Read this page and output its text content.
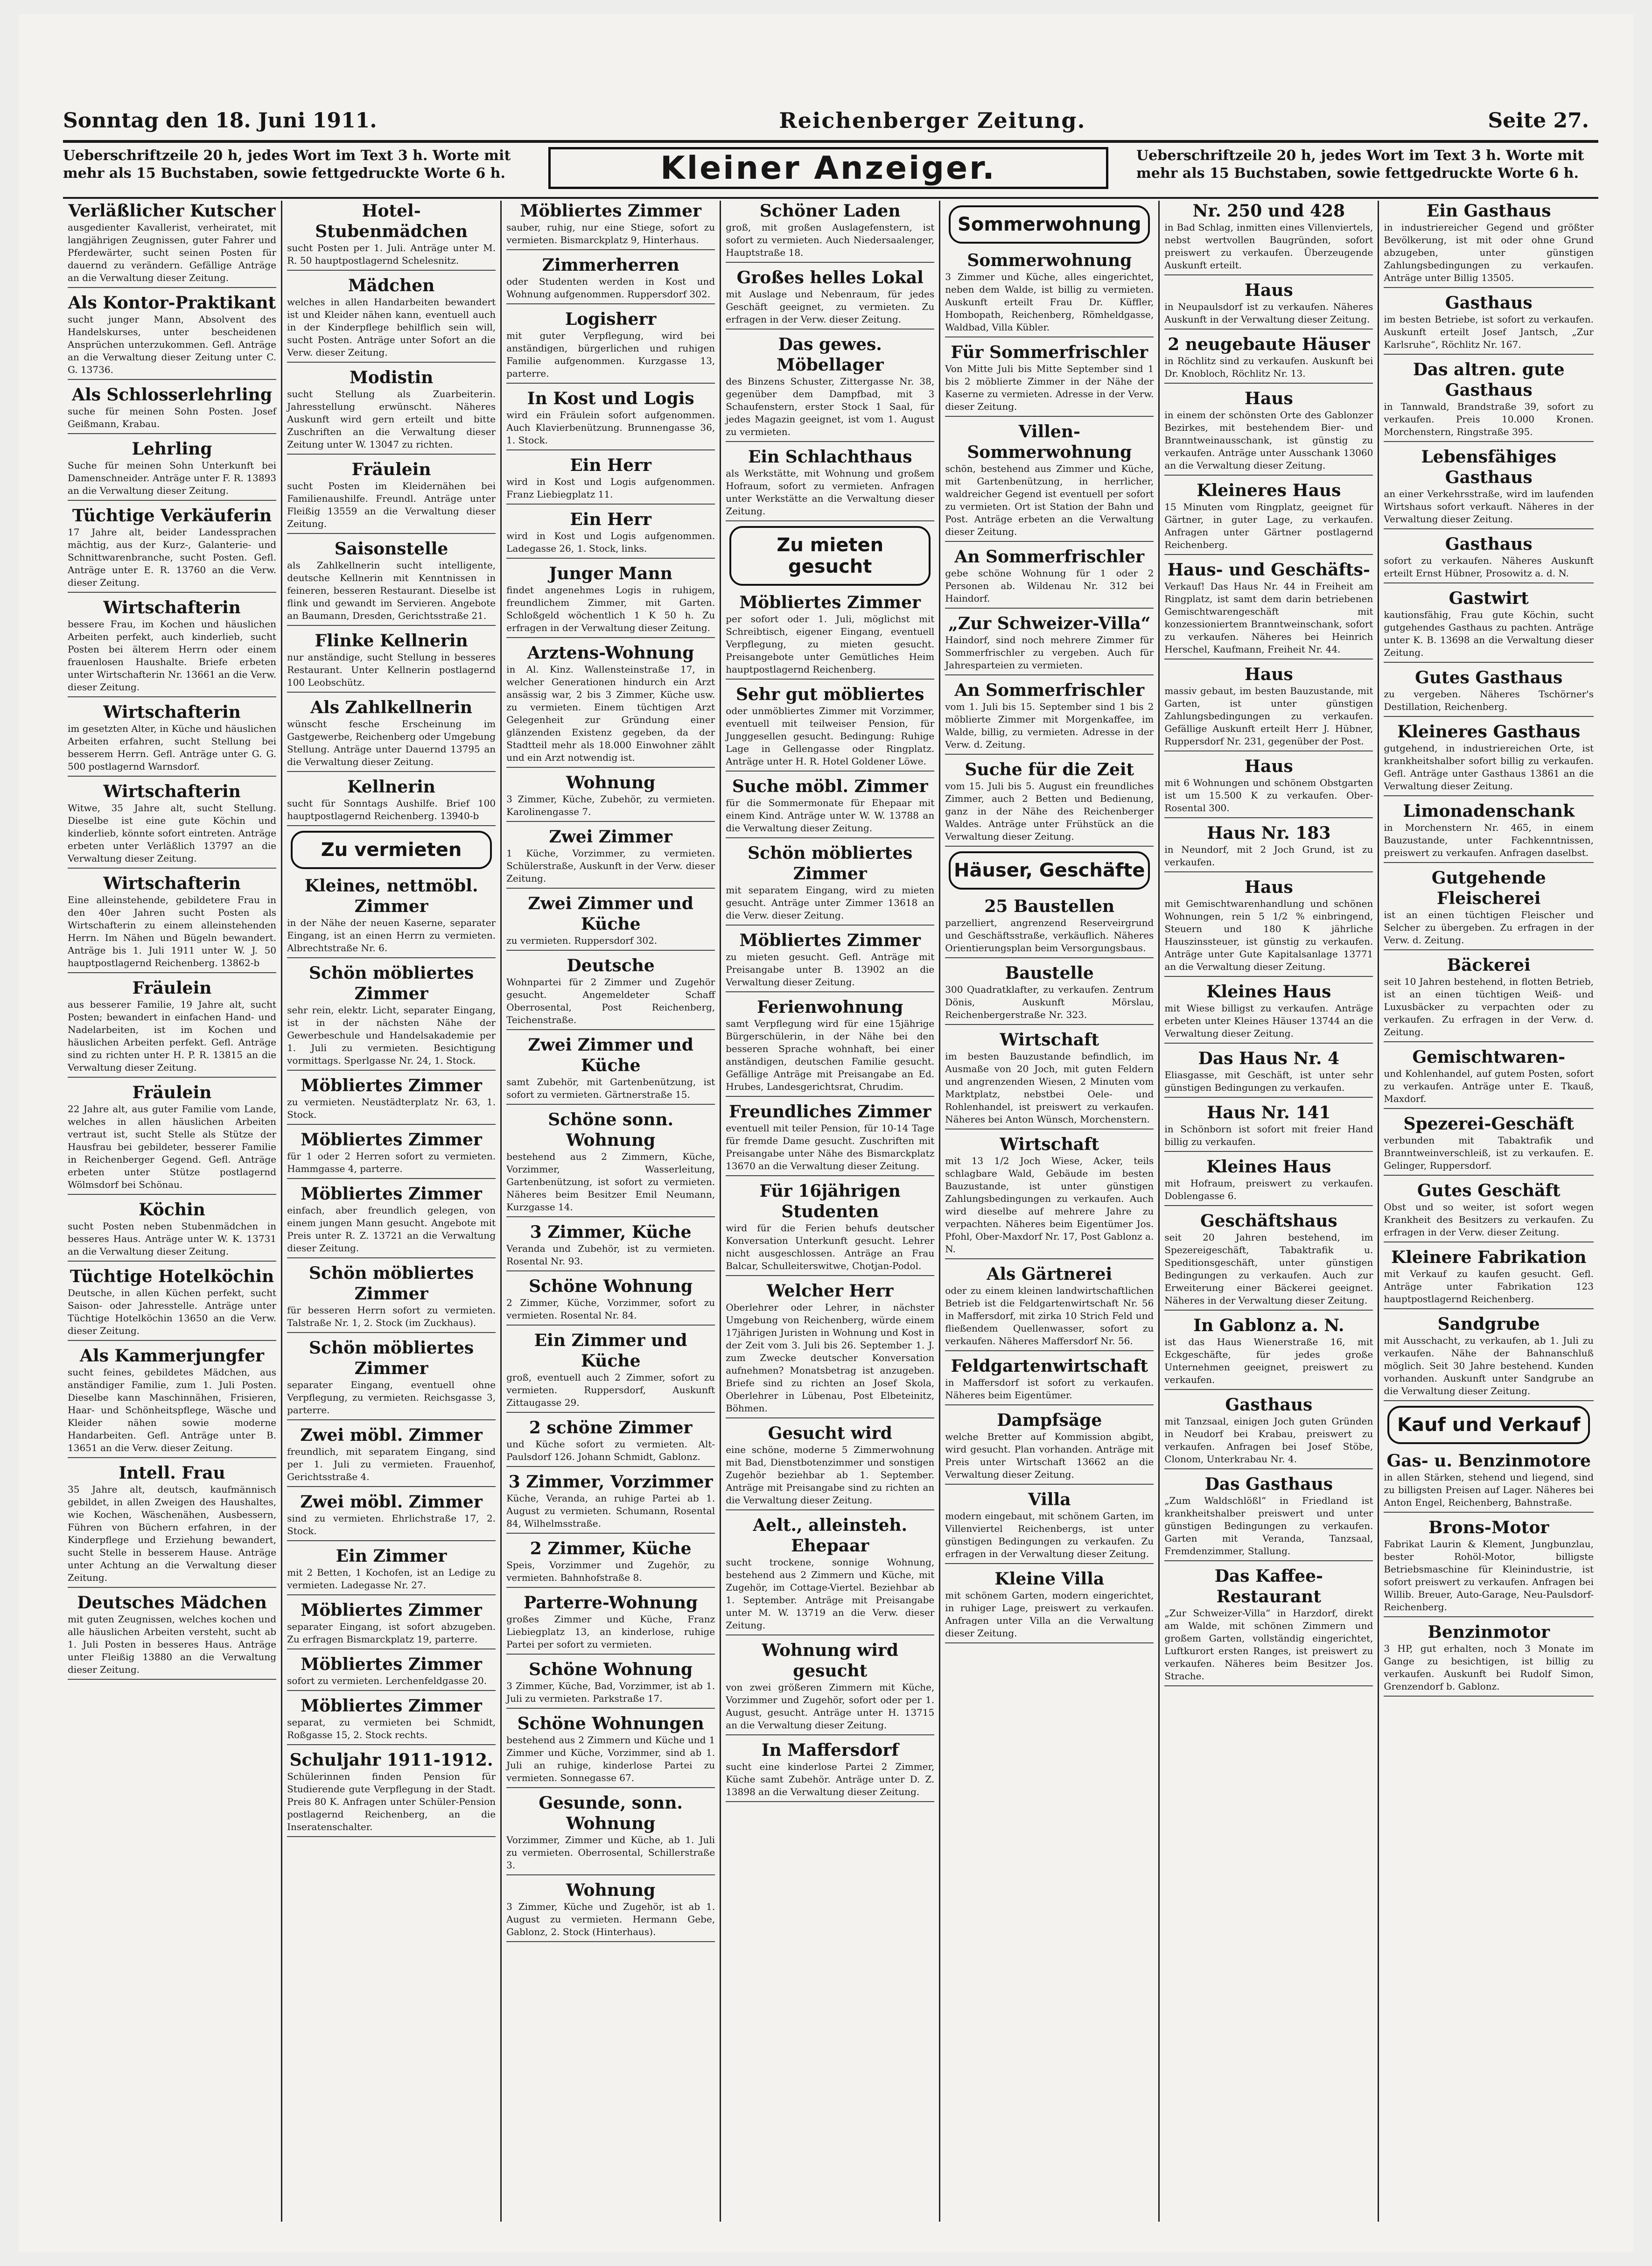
Sonntag den 18. Juni 1911.	Reichenberger Zeitung.	Seite 27.
Ueberschriftzeile 20 h, jedes Wort im Text 3 h. Worte mit mehr als 15 Buchstaben, sowie fettgedruckte Worte 6 h.	Kleiner Anzeiger.	Ueberschriftzeile 20 h, jedes Wort im Text 3 h. Worte mit mehr als 15 Buchstaben, sowie fettgedruckte Worte 6 h.
Verläßlicher Kutscher
ausgedienter Kavallerist, verheiratet, mit langjährigen Zeugnissen, guter Fahrer und Pferdewärter, sucht seinen Posten für dauernd zu verändern. Gefällige Anträge an die Verwaltung dieser Zeitung.
Als Kontor-Praktikant
sucht junger Mann, Absolvent des Handelskurses, unter bescheidenen Ansprüchen unterzukommen. Gefl. Anträge an die Verwaltung dieser Zeitung unter C. G. 13736.
Als Schlosserlehrling
suche für meinen Sohn Posten. Josef Geißmann, Krabau.
Lehrling
Suche für meinen Sohn Unterkunft bei Damenschneider. Anträge unter F. R. 13893 an die Verwaltung dieser Zeitung.
Tüchtige Verkäuferin
17 Jahre alt, beider Landessprachen mächtig, aus der Kurz-, Galanterie- und Schnittwarenbranche, sucht Posten. Gefl. Anträge unter E. R. 13760 an die Verw. dieser Zeitung.
Wirtschafterin
bessere Frau, im Kochen und häuslichen Arbeiten perfekt, auch kinderlieb, sucht Posten bei älterem Herrn oder einem frauenlosen Haushalte. Briefe erbeten unter Wirtschafterin Nr. 13661 an die Verw. dieser Zeitung.
Wirtschafterin
im gesetzten Alter, in Küche und häuslichen Arbeiten erfahren, sucht Stellung bei besserem Herrn. Gefl. Anträge unter G. G. 500 postlagernd Warnsdorf.
Wirtschafterin
Witwe, 35 Jahre alt, sucht Stellung. Dieselbe ist eine gute Köchin und kinderlieb, könnte sofort eintreten. Anträge erbeten unter Verläßlich 13797 an die Verwaltung dieser Zeitung.
Wirtschafterin
Eine alleinstehende, gebildetere Frau in den 40er Jahren sucht Posten als Wirtschafterin zu einem alleinstehenden Herrn. Im Nähen und Bügeln bewandert. Anträge bis 1. Juli 1911 unter W. J. 50 hauptpostlagernd Reichenberg. 13862-b
Fräulein
aus besserer Familie, 19 Jahre alt, sucht Posten; bewandert in einfachen Hand- und Nadelarbeiten, ist im Kochen und häuslichen Arbeiten perfekt. Gefl. Anträge sind zu richten unter H. P. R. 13815 an die Verwaltung dieser Zeitung.
Fräulein
22 Jahre alt, aus guter Familie vom Lande, welches in allen häuslichen Arbeiten vertraut ist, sucht Stelle als Stütze der Hausfrau bei gebildeter, besserer Familie in Reichenberger Gegend. Gefl. Anträge erbeten unter Stütze postlagernd Wölmsdorf bei Schönau.
Köchin
sucht Posten neben Stubenmädchen in besseres Haus. Anträge unter W. K. 13731 an die Verwaltung dieser Zeitung.
Tüchtige Hotelköchin
Deutsche, in allen Küchen perfekt, sucht Saison- oder Jahresstelle. Anträge unter Tüchtige Hotelköchin 13650 an die Verw. dieser Zeitung.
Als Kammerjungfer
sucht feines, gebildetes Mädchen, aus anständiger Familie, zum 1. Juli Posten. Dieselbe kann Maschinnähen, Frisieren, Haar- und Schönheitspflege, Wäsche und Kleider nähen sowie moderne Handarbeiten. Gefl. Anträge unter B. 13651 an die Verw. dieser Zeitung.
Intell. Frau
35 Jahre alt, deutsch, kaufmännisch gebildet, in allen Zweigen des Haushaltes, wie Kochen, Wäschenähen, Ausbessern, Führen von Büchern erfahren, in der Kinderpflege und Erziehung bewandert, sucht Stelle in besserem Hause. Anträge unter Achtung an die Verwaltung dieser Zeitung.
Deutsches Mädchen
mit guten Zeugnissen, welches kochen und alle häuslichen Arbeiten versteht, sucht ab 1. Juli Posten in besseres Haus. Anträge unter Fleißig 13880 an die Verwaltung dieser Zeitung.
Hotel-Stubenmädchen
sucht Posten per 1. Juli. Anträge unter M. R. 50 hauptpostlagernd Schelesnitz.
Mädchen
welches in allen Handarbeiten bewandert ist und Kleider nähen kann, eventuell auch in der Kinderpflege behilflich sein will, sucht Posten. Anträge unter Sofort an die Verw. dieser Zeitung.
Modistin
sucht Stellung als Zuarbeiterin. Jahresstellung erwünscht. Näheres Auskunft wird gern erteilt und bitte Zuschriften an die Verwaltung dieser Zeitung unter W. 13047 zu richten.
Fräulein
sucht Posten im Kleidernähen bei Familienaushilfe. Freundl. Anträge unter Fleißig 13559 an die Verwaltung dieser Zeitung.
Saisonstelle
als Zahlkellnerin sucht intelligente, deutsche Kellnerin mit Kenntnissen in feineren, besseren Restaurant. Dieselbe ist flink und gewandt im Servieren. Angebote an Baumann, Dresden, Gerichtsstraße 21.
Flinke Kellnerin
nur anständige, sucht Stellung in besseres Restaurant. Unter Kellnerin postlagernd 100 Leobschütz.
Als Zahlkellnerin
wünscht fesche Erscheinung im Gastgewerbe, Reichenberg oder Umgebung Stellung. Anträge unter Dauernd 13795 an die Verwaltung dieser Zeitung.
Kellnerin
sucht für Sonntags Aushilfe. Brief 100 hauptpostlagernd Reichenberg. 13940-b
Zu vermieten
Kleines, nettmöbl. Zimmer
in der Nähe der neuen Kaserne, separater Eingang, ist an einen Herrn zu vermieten. Albrechtstraße Nr. 6.
Schön möbliertes Zimmer
sehr rein, elektr. Licht, separater Eingang, ist in der nächsten Nähe der Gewerbeschule und Handelsakademie per 1. Juli zu vermieten. Besichtigung vormittags. Sperlgasse Nr. 24, 1. Stock.
Möbliertes Zimmer
zu vermieten. Neustädterplatz Nr. 63, 1. Stock.
Möbliertes Zimmer
für 1 oder 2 Herren sofort zu vermieten. Hammgasse 4, parterre.
Möbliertes Zimmer
einfach, aber freundlich gelegen, von einem jungen Mann gesucht. Angebote mit Preis unter R. Z. 13721 an die Verwaltung dieser Zeitung.
Schön möbliertes Zimmer
für besseren Herrn sofort zu vermieten. Talstraße Nr. 1, 2. Stock (im Zuckhaus).
Schön möbliertes Zimmer
separater Eingang, eventuell ohne Verpflegung, zu vermieten. Reichsgasse 3, parterre.
Zwei möbl. Zimmer
freundlich, mit separatem Eingang, sind per 1. Juli zu vermieten. Frauenhof, Gerichtsstraße 4.
Zwei möbl. Zimmer
sind zu vermieten. Ehrlichstraße 17, 2. Stock.
Ein Zimmer
mit 2 Betten, 1 Kochofen, ist an Ledige zu vermieten. Ladegasse Nr. 27.
Möbliertes Zimmer
separater Eingang, ist sofort abzugeben. Zu erfragen Bismarckplatz 19, parterre.
Möbliertes Zimmer
sofort zu vermieten. Lerchenfeldgasse 20.
Möbliertes Zimmer
separat, zu vermieten bei Schmidt, Roßgasse 15, 2. Stock rechts.
Schuljahr 1911-1912.
Schülerinnen finden Pension für Studierende gute Verpflegung in der Stadt. Preis 80 K. Anfragen unter Schüler-Pension postlagernd Reichenberg, an die Inseratenschalter.
Möbliertes Zimmer
sauber, ruhig, nur eine Stiege, sofort zu vermieten. Bismarckplatz 9, Hinterhaus.
Zimmerherren
oder Studenten werden in Kost und Wohnung aufgenommen. Ruppersdorf 302.
Logisherr
mit guter Verpflegung, wird bei anständigen, bürgerlichen und ruhigen Familie aufgenommen. Kurzgasse 13, parterre.
In Kost und Logis
wird ein Fräulein sofort aufgenommen. Auch Klavierbenützung. Brunnengasse 36, 1. Stock.
Ein Herr
wird in Kost und Logis aufgenommen. Franz Liebiegplatz 11.
Ein Herr
wird in Kost und Logis aufgenommen. Ladegasse 26, 1. Stock, links.
Junger Mann
findet angenehmes Logis in ruhigem, freundlichem Zimmer, mit Garten. Schloßgeld wöchentlich 1 K 50 h. Zu erfragen in der Verwaltung dieser Zeitung.
Arztens-Wohnung
in Al. Kinz. Wallensteinstraße 17, in welcher Generationen hindurch ein Arzt ansässig war, 2 bis 3 Zimmer, Küche usw. zu vermieten. Einem tüchtigen Arzt Gelegenheit zur Gründung einer glänzenden Existenz gegeben, da der Stadtteil mehr als 18.000 Einwohner zählt und ein Arzt notwendig ist.
Wohnung
3 Zimmer, Küche, Zubehör, zu vermieten. Karolinengasse 7.
Zwei Zimmer
1 Küche, Vorzimmer, zu vermieten. Schülerstraße, Auskunft in der Verw. dieser Zeitung.
Zwei Zimmer und Küche
zu vermieten. Ruppersdorf 302.
Deutsche
Wohnpartei für 2 Zimmer und Zugehör gesucht. Angemeldeter Schaff Oberrosental, Post Reichenberg, Teichenstraße.
Zwei Zimmer und Küche
samt Zubehör, mit Gartenbenützung, ist sofort zu vermieten. Gärtnerstraße 15.
Schöne sonn. Wohnung
bestehend aus 2 Zimmern, Küche, Vorzimmer, Wasserleitung, Gartenbenützung, ist sofort zu vermieten. Näheres beim Besitzer Emil Neumann, Kurzgasse 14.
3 Zimmer, Küche
Veranda und Zubehör, ist zu vermieten. Rosental Nr. 93.
Schöne Wohnung
2 Zimmer, Küche, Vorzimmer, sofort zu vermieten. Rosental Nr. 84.
Ein Zimmer und Küche
groß, eventuell auch 2 Zimmer, sofort zu vermieten. Ruppersdorf, Auskunft Zittaugasse 29.
2 schöne Zimmer
und Küche sofort zu vermieten. Alt-Paulsdorf 126. Johann Schmidt, Gablonz.
3 Zimmer, Vorzimmer
Küche, Veranda, an ruhige Partei ab 1. August zu vermieten. Schumann, Rosental 84, Wilhelmsstraße.
2 Zimmer, Küche
Speis, Vorzimmer und Zugehör, zu vermieten. Bahnhofstraße 8.
Parterre-Wohnung
großes Zimmer und Küche, Franz Liebiegplatz 13, an kinderlose, ruhige Partei per sofort zu vermieten.
Schöne Wohnung
3 Zimmer, Küche, Bad, Vorzimmer, ist ab 1. Juli zu vermieten. Parkstraße 17.
Schöne Wohnungen
bestehend aus 2 Zimmern und Küche und 1 Zimmer und Küche, Vorzimmer, sind ab 1. Juli an ruhige, kinderlose Partei zu vermieten. Sonnegasse 67.
Gesunde, sonn. Wohnung
Vorzimmer, Zimmer und Küche, ab 1. Juli zu vermieten. Oberrosental, Schillerstraße 3.
Wohnung
3 Zimmer, Küche und Zugehör, ist ab 1. August zu vermieten. Hermann Gebe, Gablonz, 2. Stock (Hinterhaus).
Schöner Laden
groß, mit großen Auslagefenstern, ist sofort zu vermieten. Auch Niedersaalenger, Hauptstraße 18.
Großes helles Lokal
mit Auslage und Nebenraum, für jedes Geschäft geeignet, zu vermieten. Zu erfragen in der Verw. dieser Zeitung.
Das gewes. Möbellager
des Binzens Schuster, Zittergasse Nr. 38, gegenüber dem Dampfbad, mit 3 Schaufenstern, erster Stock 1 Saal, für jedes Magazin geeignet, ist vom 1. August zu vermieten.
Ein Schlachthaus
als Werkstätte, mit Wohnung und großem Hofraum, sofort zu vermieten. Anfragen unter Werkstätte an die Verwaltung dieser Zeitung.
Zu mieten gesucht
Möbliertes Zimmer
per sofort oder 1. Juli, möglichst mit Schreibtisch, eigener Eingang, eventuell Verpflegung, zu mieten gesucht. Preisangebote unter Gemütliches Heim hauptpostlagernd Reichenberg.
Sehr gut möbliertes
oder unmöbliertes Zimmer mit Vorzimmer, eventuell mit teilweiser Pension, für Junggesellen gesucht. Bedingung: Ruhige Lage in Gellengasse oder Ringplatz. Anträge unter H. R. Hotel Goldener Löwe.
Suche möbl. Zimmer
für die Sommermonate für Ehepaar mit einem Kind. Anträge unter W. W. 13788 an die Verwaltung dieser Zeitung.
Schön möbliertes Zimmer
mit separatem Eingang, wird zu mieten gesucht. Anträge unter Zimmer 13618 an die Verw. dieser Zeitung.
Möbliertes Zimmer
zu mieten gesucht. Gefl. Anträge mit Preisangabe unter B. 13902 an die Verwaltung dieser Zeitung.
Ferienwohnung
samt Verpflegung wird für eine 15jährige Bürgerschülerin, in der Nähe bei den besseren Sprache wohnhaft, bei einer anständigen, deutschen Familie gesucht. Gefällige Anträge mit Preisangabe an Ed. Hrubes, Landesgerichtsrat, Chrudim.
Freundliches Zimmer
eventuell mit teiler Pension, für 10-14 Tage für fremde Dame gesucht. Zuschriften mit Preisangabe unter Nähe des Bismarckplatz 13670 an die Verwaltung dieser Zeitung.
Für 16jährigen Studenten
wird für die Ferien behufs deutscher Konversation Unterkunft gesucht. Lehrer nicht ausgeschlossen. Anträge an Frau Balcar, Schulleiterswitwe, Chotjan-Podol.
Welcher Herr
Oberlehrer oder Lehrer, in nächster Umgebung von Reichenberg, würde einem 17jährigen Juristen in Wohnung und Kost in der Zeit vom 3. Juli bis 26. September 1. J. zum Zwecke deutscher Konversation aufnehmen? Monatsbetrag ist anzugeben. Briefe sind zu richten an Josef Skola, Oberlehrer in Lübenau, Post Elbeteinitz, Böhmen.
Gesucht wird
eine schöne, moderne 5 Zimmerwohnung mit Bad, Dienstbotenzimmer und sonstigen Zugehör beziehbar ab 1. September. Anträge mit Preisangabe sind zu richten an die Verwaltung dieser Zeitung.
Aelt., alleinsteh. Ehepaar
sucht trockene, sonnige Wohnung, bestehend aus 2 Zimmern und Küche, mit Zugehör, im Cottage-Viertel. Beziehbar ab 1. September. Anträge mit Preisangabe unter M. W. 13719 an die Verw. dieser Zeitung.
Wohnung wird gesucht
von zwei größeren Zimmern mit Küche, Vorzimmer und Zugehör, sofort oder per 1. August, gesucht. Anträge unter H. 13715 an die Verwaltung dieser Zeitung.
In Maffersdorf
sucht eine kinderlose Partei 2 Zimmer, Küche samt Zubehör. Anträge unter D. Z. 13898 an die Verwaltung dieser Zeitung.
Sommerwohnung
Sommerwohnung
3 Zimmer und Küche, alles eingerichtet, neben dem Walde, ist billig zu vermieten. Auskunft erteilt Frau Dr. Küffler, Hombopath, Reichenberg, Römheldgasse, Waldbad, Villa Kübler.
Für Sommerfrischler
Von Mitte Juli bis Mitte September sind 1 bis 2 möblierte Zimmer in der Nähe der Kaserne zu vermieten. Adresse in der Verw. dieser Zeitung.
Villen-Sommerwohnung
schön, bestehend aus Zimmer und Küche, mit Gartenbenützung, in herrlicher, waldreicher Gegend ist eventuell per sofort zu vermieten. Ort ist Station der Bahn und Post. Anträge erbeten an die Verwaltung dieser Zeitung.
An Sommerfrischler
gebe schöne Wohnung für 1 oder 2 Personen ab. Wildenau Nr. 312 bei Haindorf.
„Zur Schweizer-Villa“
Haindorf, sind noch mehrere Zimmer für Sommerfrischler zu vergeben. Auch für Jahresparteien zu vermieten.
An Sommerfrischler
vom 1. Juli bis 15. September sind 1 bis 2 möblierte Zimmer mit Morgenkaffee, im Walde, billig, zu vermieten. Adresse in der Verw. d. Zeitung.
Suche für die Zeit
vom 15. Juli bis 5. August ein freundliches Zimmer, auch 2 Betten und Bedienung, ganz in der Nähe des Reichenberger Waldes. Anträge unter Frühstück an die Verwaltung dieser Zeitung.
Häuser, Geschäfte
25 Baustellen
parzelliert, angrenzend Reserveirgrund und Geschäftsstraße, verkäuflich. Näheres Orientierungsplan beim Versorgungsbaus.
Baustelle
300 Quadratklafter, zu verkaufen. Zentrum Dönis, Auskunft Mörslau, Reichenbergerstraße Nr. 323.
Wirtschaft
im besten Bauzustande befindlich, im Ausmaße von 20 Joch, mit guten Feldern und angrenzenden Wiesen, 2 Minuten vom Marktplatz, nebstbei Oele- und Rohlenhandel, ist preiswert zu verkaufen. Näheres bei Anton Wünsch, Morchenstern.
Wirtschaft
mit 13 1/2 Joch Wiese, Acker, teils schlagbare Wald, Gebäude im besten Bauzustande, ist unter günstigen Zahlungsbedingungen zu verkaufen. Auch wird dieselbe auf mehrere Jahre zu verpachten. Näheres beim Eigentümer Jos. Pfohl, Ober-Maxdorf Nr. 17, Post Gablonz a. N.
Als Gärtnerei
oder zu einem kleinen landwirtschaftlichen Betrieb ist die Feldgartenwirtschaft Nr. 56 in Maffersdorf, mit zirka 10 Strich Feld und fließendem Quellenwasser, sofort zu verkaufen. Näheres Maffersdorf Nr. 56.
Feldgartenwirtschaft
in Maffersdorf ist sofort zu verkaufen. Näheres beim Eigentümer.
Dampfsäge
welche Bretter auf Kommission abgibt, wird gesucht. Plan vorhanden. Anträge mit Preis unter Wirtschaft 13662 an die Verwaltung dieser Zeitung.
Villa
modern eingebaut, mit schönem Garten, im Villenviertel Reichenbergs, ist unter günstigen Bedingungen zu verkaufen. Zu erfragen in der Verwaltung dieser Zeitung.
Kleine Villa
mit schönem Garten, modern eingerichtet, in ruhiger Lage, preiswert zu verkaufen. Anfragen unter Villa an die Verwaltung dieser Zeitung.
Nr. 250 und 428
in Bad Schlag, inmitten eines Villenviertels, nebst wertvollen Baugründen, sofort preiswert zu verkaufen. Überzeugende Auskunft erteilt.
Haus
in Neupaulsdorf ist zu verkaufen. Näheres Auskunft in der Verwaltung dieser Zeitung.
2 neugebaute Häuser
in Röchlitz sind zu verkaufen. Auskunft bei Dr. Knobloch, Röchlitz Nr. 13.
Haus
in einem der schönsten Orte des Gablonzer Bezirkes, mit bestehendem Bier- und Branntweinausschank, ist günstig zu verkaufen. Anträge unter Ausschank 13060 an die Verwaltung dieser Zeitung.
Kleineres Haus
15 Minuten vom Ringplatz, geeignet für Gärtner, in guter Lage, zu verkaufen. Anfragen unter Gärtner postlagernd Reichenberg.
Haus- und Geschäfts-
Verkauf! Das Haus Nr. 44 in Freiheit am Ringplatz, ist samt dem darin betriebenen Gemischtwarengeschäft mit konzessioniertem Branntweinschank, sofort zu verkaufen. Näheres bei Heinrich Herschel, Kaufmann, Freiheit Nr. 44.
Haus
massiv gebaut, im besten Bauzustande, mit Garten, ist unter günstigen Zahlungsbedingungen zu verkaufen. Gefällige Auskunft erteilt Herr J. Hübner, Ruppersdorf Nr. 231, gegenüber der Post.
Haus
mit 6 Wohnungen und schönem Obstgarten ist um 15.500 K zu verkaufen. Ober-Rosental 300.
Haus Nr. 183
in Neundorf, mit 2 Joch Grund, ist zu verkaufen.
Haus
mit Gemischtwarenhandlung und schönen Wohnungen, rein 5 1/2 % einbringend, Steuern und 180 K jährliche Hauszinssteuer, ist günstig zu verkaufen. Anträge unter Gute Kapitalsanlage 13771 an die Verwaltung dieser Zeitung.
Kleines Haus
mit Wiese billigst zu verkaufen. Anträge erbeten unter Kleines Häuser 13744 an die Verwaltung dieser Zeitung.
Das Haus Nr. 4
Eliasgasse, mit Geschäft, ist unter sehr günstigen Bedingungen zu verkaufen.
Haus Nr. 141
in Schönborn ist sofort mit freier Hand billig zu verkaufen.
Kleines Haus
mit Hofraum, preiswert zu verkaufen. Doblengasse 6.
Geschäftshaus
seit 20 Jahren bestehend, im Spezereigeschäft, Tabaktrafik u. Speditionsgeschäft, unter günstigen Bedingungen zu verkaufen. Auch zur Erweiterung einer Bäckerei geeignet. Näheres in der Verwaltung dieser Zeitung.
In Gablonz a. N.
ist das Haus Wienerstraße 16, mit Eckgeschäfte, für jedes große Unternehmen geeignet, preiswert zu verkaufen.
Gasthaus
mit Tanzsaal, einigen Joch guten Gründen in Neudorf bei Krabau, preiswert zu verkaufen. Anfragen bei Josef Stöbe, Clonom, Unterkrabau Nr. 4.
Das Gasthaus
„Zum Waldschlößl“ in Friedland ist krankheitshalber preiswert und unter günstigen Bedingungen zu verkaufen. Garten mit Veranda, Tanzsaal, Fremdenzimmer, Stallung.
Das Kaffee-Restaurant
„Zur Schweizer-Villa“ in Harzdorf, direkt am Walde, mit schönen Zimmern und großem Garten, vollständig eingerichtet, Luftkurort ersten Ranges, ist preiswert zu verkaufen. Näheres beim Besitzer Jos. Strache.
Ein Gasthaus
in industriereicher Gegend und größter Bevölkerung, ist mit oder ohne Grund abzugeben, unter günstigen Zahlungsbedingungen zu verkaufen. Anträge unter Billig 13505.
Gasthaus
im besten Betriebe, ist sofort zu verkaufen. Auskunft erteilt Josef Jantsch, „Zur Karlsruhe“, Röchlitz Nr. 167.
Das altren. gute Gasthaus
in Tannwald, Brandstraße 39, sofort zu verkaufen. Preis 10.000 Kronen. Morchenstern, Ringstraße 395.
Lebensfähiges Gasthaus
an einer Verkehrsstraße, wird im laufenden Wirtshaus sofort verkauft. Näheres in der Verwaltung dieser Zeitung.
Gasthaus
sofort zu verkaufen. Näheres Auskunft erteilt Ernst Hübner, Prosowitz a. d. N.
Gastwirt
kautionsfähig, Frau gute Köchin, sucht gutgehendes Gasthaus zu pachten. Anträge unter K. B. 13698 an die Verwaltung dieser Zeitung.
Gutes Gasthaus
zu vergeben. Näheres Tschörner's Destillation, Reichenberg.
Kleineres Gasthaus
gutgehend, in industriereichen Orte, ist krankheitshalber sofort billig zu verkaufen. Gefl. Anträge unter Gasthaus 13861 an die Verwaltung dieser Zeitung.
Limonadenschank
in Morchenstern Nr. 465, in einem Bauzustande, unter Fachkenntnissen, preiswert zu verkaufen. Anfragen daselbst.
Gutgehende Fleischerei
ist an einen tüchtigen Fleischer und Selcher zu übergeben. Zu erfragen in der Verw. d. Zeitung.
Bäckerei
seit 10 Jahren bestehend, in flotten Betrieb, ist an einen tüchtigen Weiß- und Luxusbäcker zu verpachten oder zu verkaufen. Zu erfragen in der Verw. d. Zeitung.
Gemischtwaren-
und Kohlenhandel, auf gutem Posten, sofort zu verkaufen. Anträge unter E. Tkauß, Maxdorf.
Spezerei-Geschäft
verbunden mit Tabaktrafik und Branntweinverschleiß, ist zu verkaufen. E. Gelinger, Ruppersdorf.
Gutes Geschäft
Obst und so weiter, ist sofort wegen Krankheit des Besitzers zu verkaufen. Zu erfragen in der Verw. dieser Zeitung.
Kleinere Fabrikation
mit Verkauf zu kaufen gesucht. Gefl. Anträge unter Fabrikation 123 hauptpostlagernd Reichenberg.
Sandgrube
mit Ausschacht, zu verkaufen, ab 1. Juli zu verkaufen. Nähe der Bahnanschluß möglich. Seit 30 Jahre bestehend. Kunden vorhanden. Auskunft unter Sandgrube an die Verwaltung dieser Zeitung.
Kauf und Verkauf
Gas- u. Benzinmotore
in allen Stärken, stehend und liegend, sind zu billigsten Preisen auf Lager. Näheres bei Anton Engel, Reichenberg, Bahnstraße.
Brons-Motor
Fabrikat Laurin & Klement, Jungbunzlau, bester Rohöl-Motor, billigste Betriebsmaschine für Kleinindustrie, ist sofort preiswert zu verkaufen. Anfragen bei Willib. Breuer, Auto-Garage, Neu-Paulsdorf-Reichenberg.
Benzinmotor
3 HP, gut erhalten, noch 3 Monate im Gange zu besichtigen, ist billig zu verkaufen. Auskunft bei Rudolf Simon, Grenzendorf b. Gablonz.
